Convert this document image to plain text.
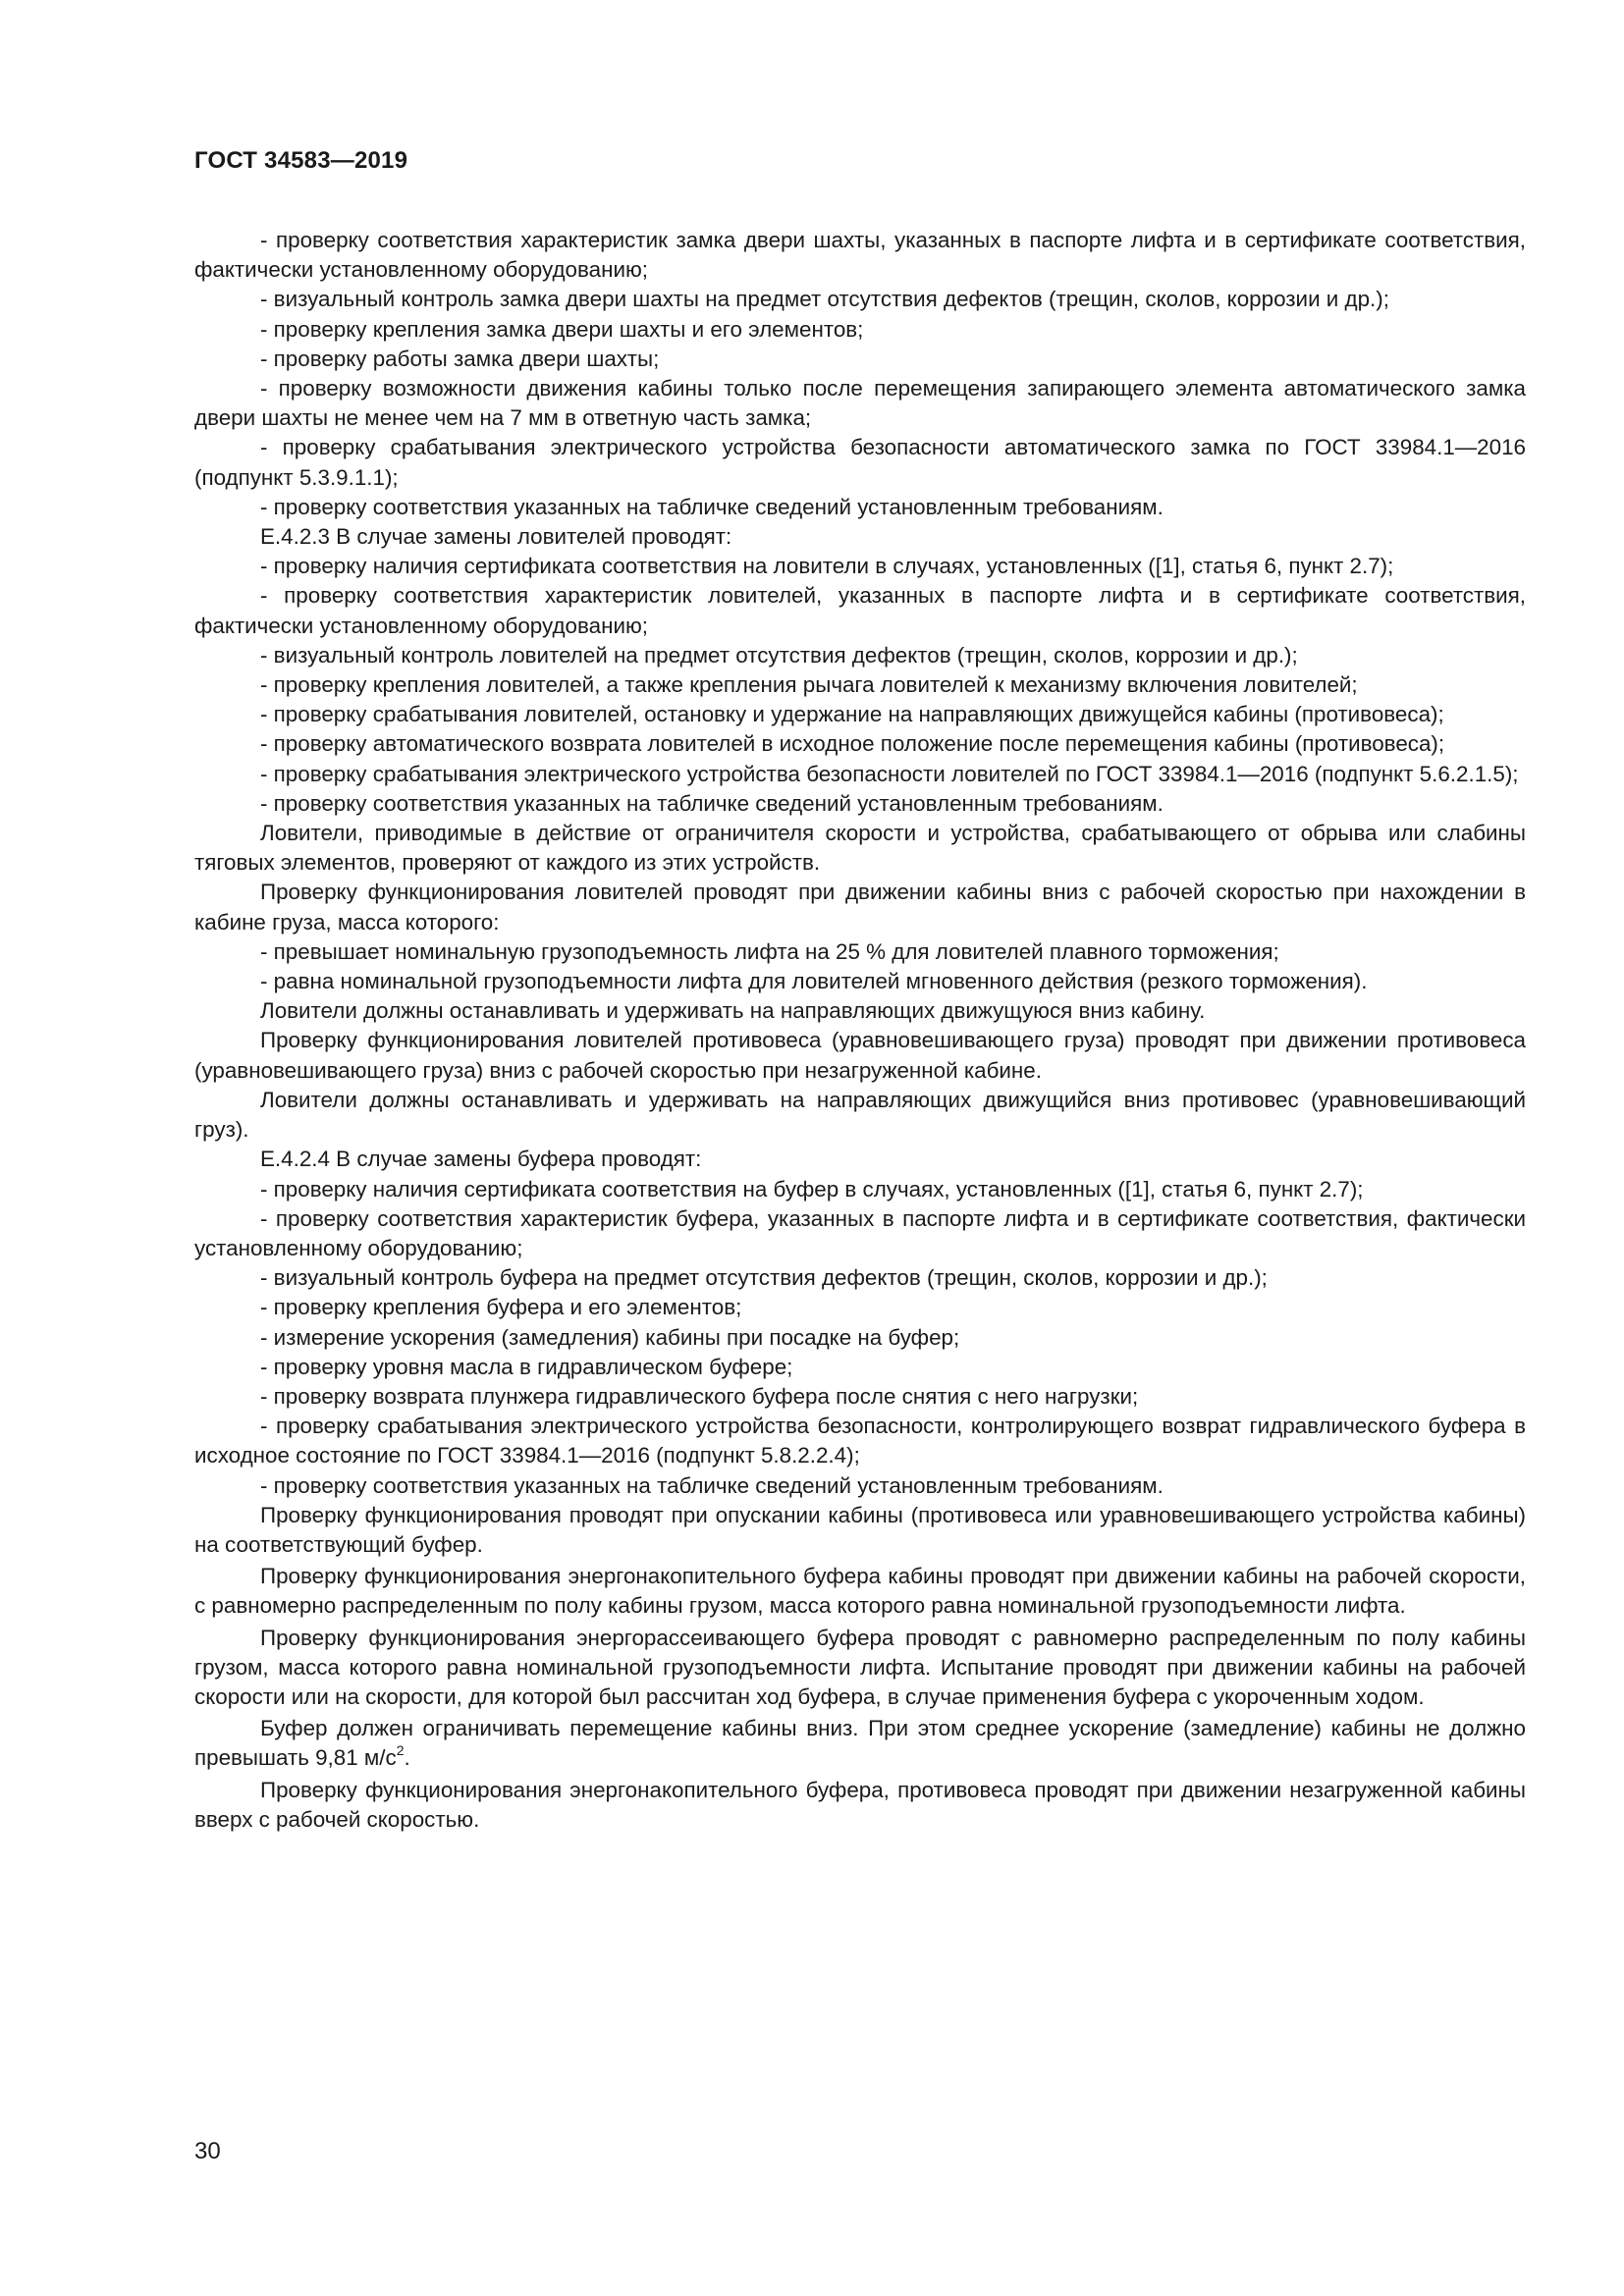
ГОСТ 34583—2019

- проверку соответствия характеристик замка двери шахты, указанных в паспорте лифта и в сертификате соответствия, фактически установленному оборудованию;

- визуальный контроль замка двери шахты на предмет отсутствия дефектов (трещин, сколов, коррозии и др.);

- проверку крепления замка двери шахты и его элементов;

- проверку работы замка двери шахты;

- проверку возможности движения кабины только после перемещения запирающего элемента автоматического замка двери шахты не менее чем на 7 мм в ответную часть замка;

- проверку срабатывания электрического устройства безопасности автоматического замка по ГОСТ 33984.1—2016 (подпункт 5.3.9.1.1);

- проверку соответствия указанных на табличке сведений установленным требованиям.

Е.4.2.3 В случае замены ловителей проводят:

- проверку наличия сертификата соответствия на ловители в случаях, установленных ([1], статья 6, пункт 2.7);

- проверку соответствия характеристик ловителей, указанных в паспорте лифта и в сертификате соответствия, фактически установленному оборудованию;

- визуальный контроль ловителей на предмет отсутствия дефектов (трещин, сколов, коррозии и др.);

- проверку крепления ловителей, а также крепления рычага ловителей к механизму включения ловителей;

- проверку срабатывания ловителей, остановку и удержание на направляющих движущейся кабины (противовеса);

- проверку автоматического возврата ловителей в исходное положение после перемещения кабины (противовеса);

- проверку срабатывания электрического устройства безопасности ловителей по ГОСТ 33984.1—2016 (подпункт 5.6.2.1.5);

- проверку соответствия указанных на табличке сведений установленным требованиям.

Ловители, приводимые в действие от ограничителя скорости и устройства, срабатывающего от обрыва или слабины тяговых элементов, проверяют от каждого из этих устройств.

Проверку функционирования ловителей проводят при движении кабины вниз с рабочей скоростью при нахождении в кабине груза, масса которого:

- превышает номинальную грузоподъемность лифта на 25 % для ловителей плавного торможения;

- равна номинальной грузоподъемности лифта для ловителей мгновенного действия (резкого торможения).

Ловители должны останавливать и удерживать на направляющих движущуюся вниз кабину.

Проверку функционирования ловителей противовеса (уравновешивающего груза) проводят при движении противовеса (уравновешивающего груза) вниз с рабочей скоростью при незагруженной кабине.

Ловители должны останавливать и удерживать на направляющих движущийся вниз противовес (уравновешивающий груз).

Е.4.2.4 В случае замены буфера проводят:

- проверку наличия сертификата соответствия на буфер в случаях, установленных ([1], статья 6, пункт 2.7);

- проверку соответствия характеристик буфера, указанных в паспорте лифта и в сертификате соответствия, фактически установленному оборудованию;

- визуальный контроль буфера на предмет отсутствия дефектов (трещин, сколов, коррозии и др.);

- проверку крепления буфера и его элементов;

- измерение ускорения (замедления) кабины при посадке на буфер;

- проверку уровня масла в гидравлическом буфере;

- проверку возврата плунжера гидравлического буфера после снятия с него нагрузки;

- проверку срабатывания электрического устройства безопасности, контролирующего возврат гидравлического буфера в исходное состояние по ГОСТ 33984.1—2016 (подпункт 5.8.2.2.4);

- проверку соответствия указанных на табличке сведений установленным требованиям.

Проверку функционирования проводят при опускании кабины (противовеса или уравновешивающего устройства кабины) на соответствующий буфер.

Проверку функционирования энергонакопительного буфера кабины проводят при движении кабины на рабочей скорости, с равномерно распределенным по полу кабины грузом, масса которого равна номинальной грузоподъемности лифта.

Проверку функционирования энергорассеивающего буфера проводят с равномерно распределенным по полу кабины грузом, масса которого равна номинальной грузоподъемности лифта. Испытание проводят при движении кабины на рабочей скорости или на скорости, для которой был рассчитан ход буфера, в случае применения буфера с укороченным ходом.

Буфер должен ограничивать перемещение кабины вниз. При этом среднее ускорение (замедление) кабины не должно превышать 9,81 $м/с^2$.

Проверку функционирования энергонакопительного буфера, противовеса проводят при движении незагруженной кабины вверх с рабочей скоростью.

30
